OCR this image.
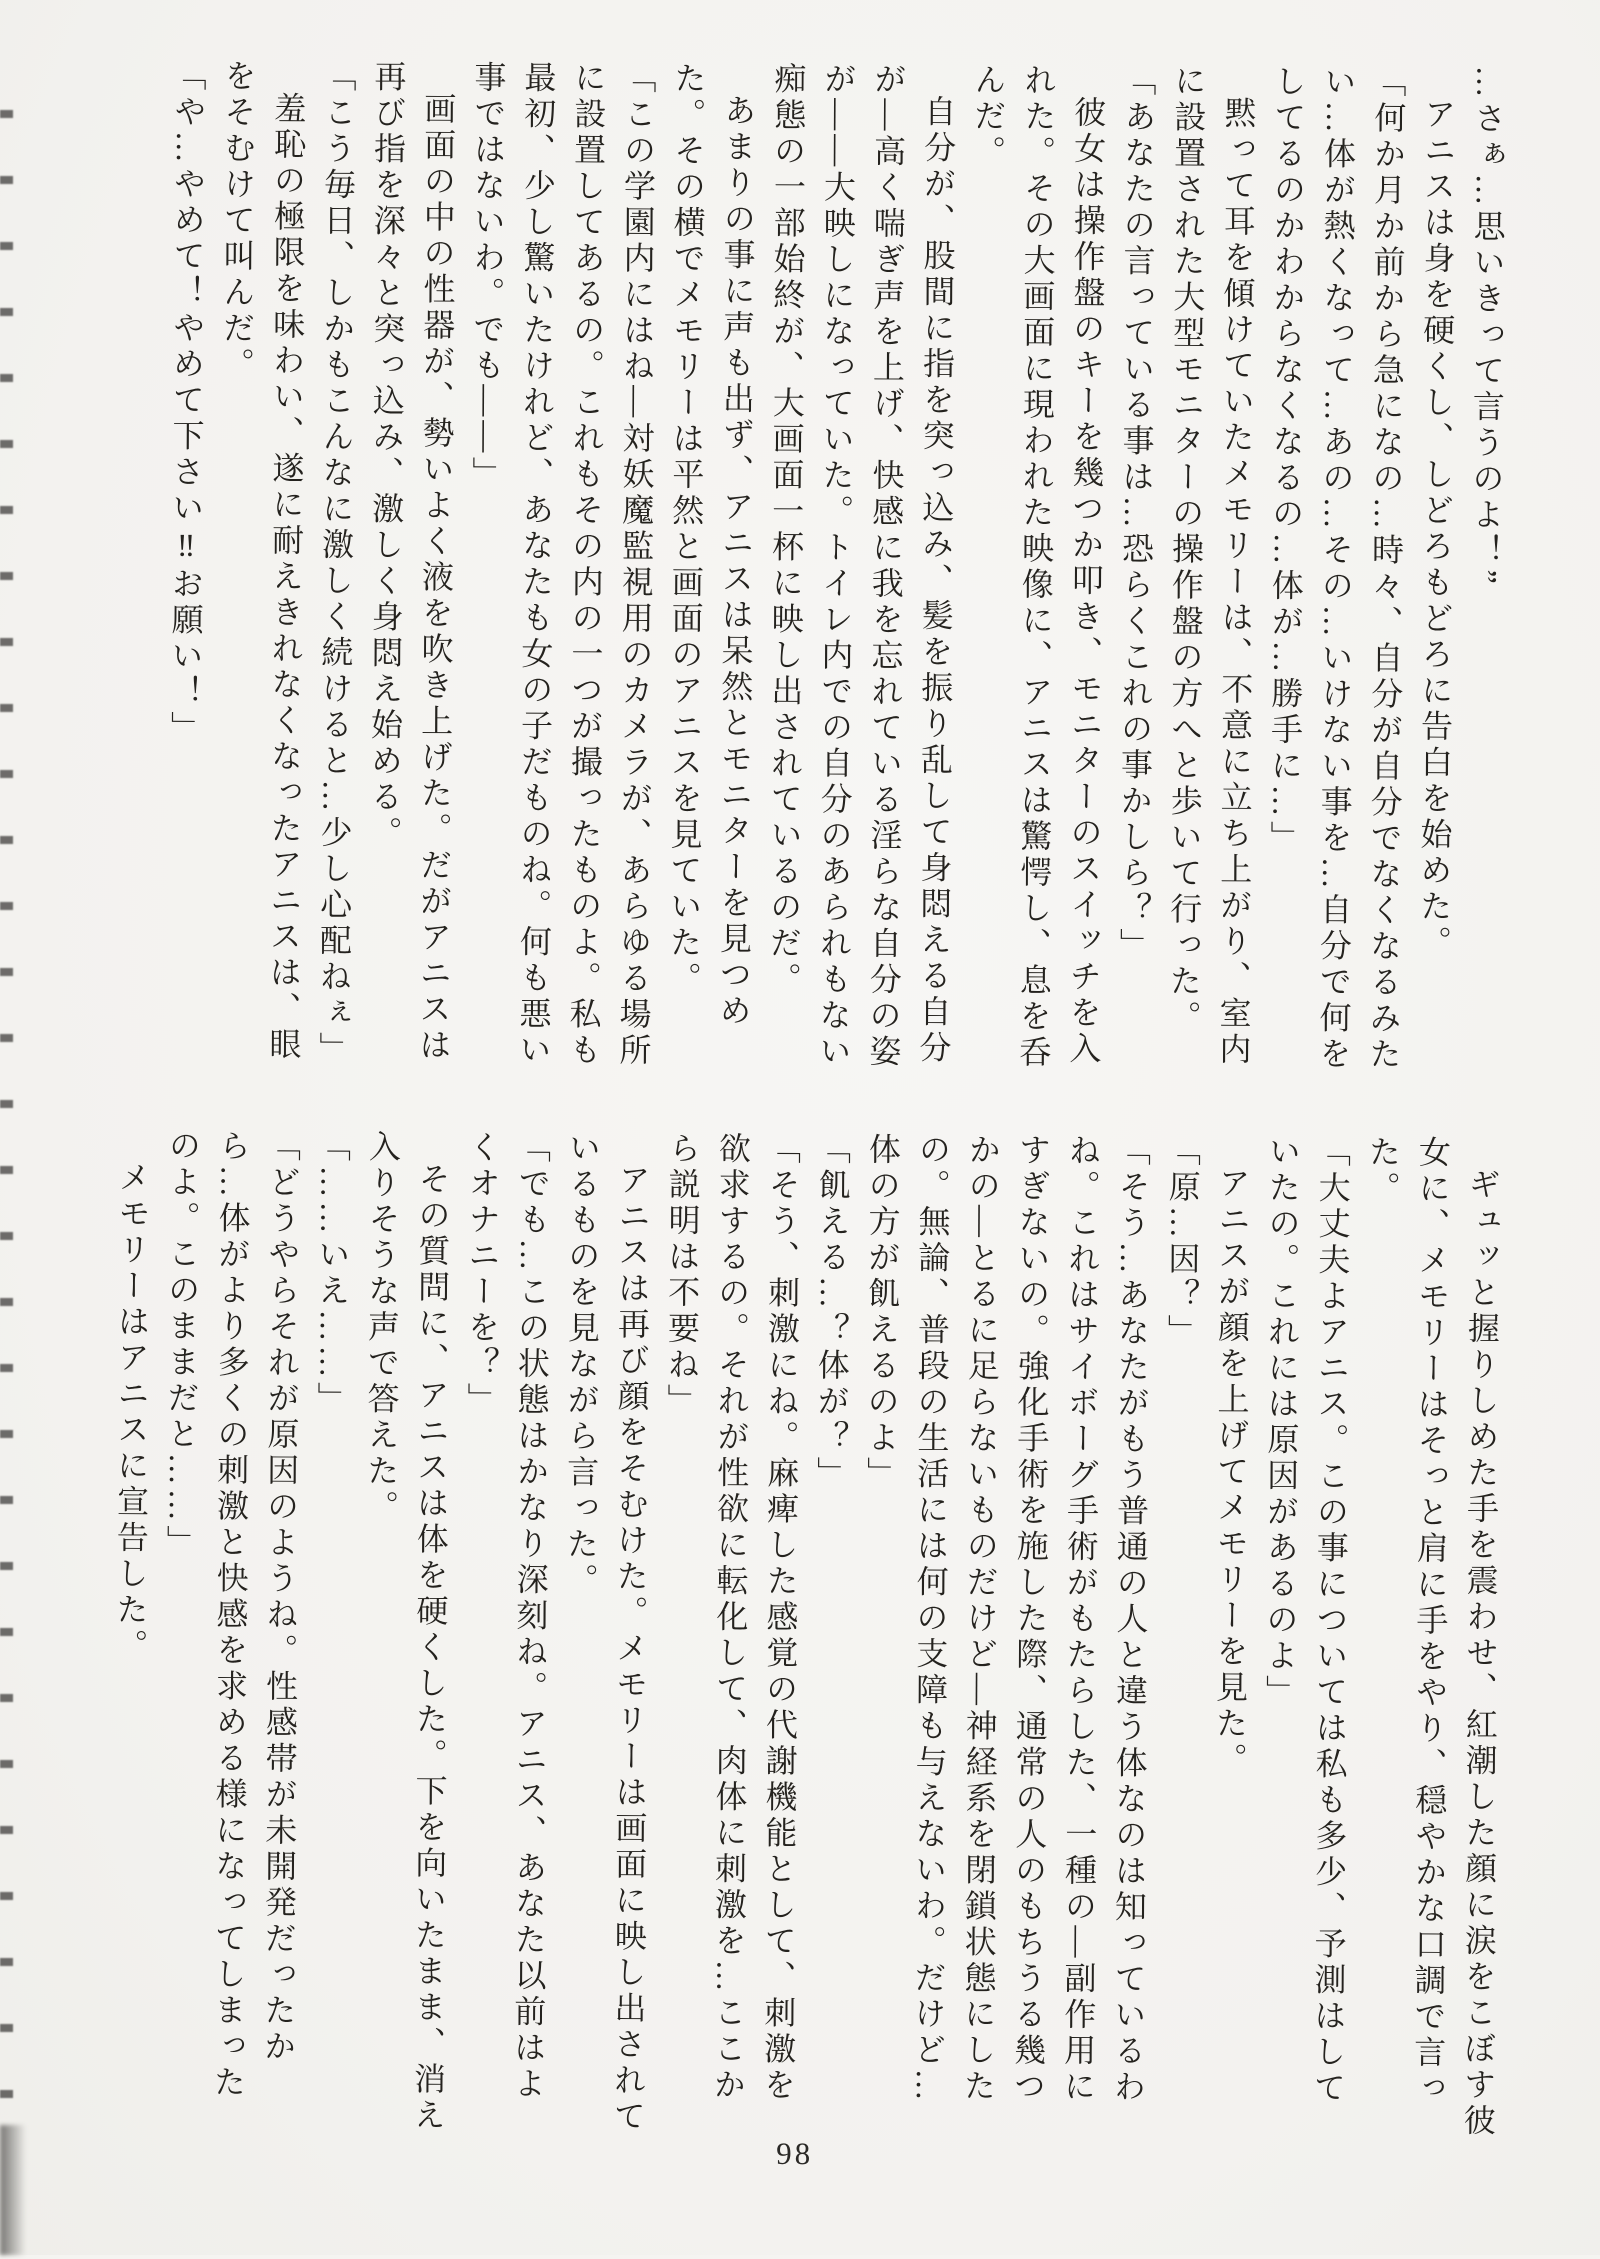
…さぁ…思いきって言うのよ！”

アニスは身を硬くし、しどろもどろに告白を始めた。

「何か月か前から急になの…時々、自分が自分でなくなるみたい…体が熱くなって…あの…その…いけない事を…自分で何をしてるのかわからなくなるの…体が…勝手に…」

黙って耳を傾けていたメモリーは、不意に立ち上がり、室内に設置された大型モニターの操作盤の方へと歩いて行った。

「あなたの言っている事は…恐らくこれの事かしら？」

彼女は操作盤のキーを幾つか叩き、モニターのスイッチを入れた。その大画面に現われた映像に、アニスは驚愕し、息を呑んだ。

自分が、股間に指を突っ込み、髪を振り乱して身悶える自分が—高く喘ぎ声を上げ、快感に我を忘れている淫らな自分の姿が——大映しになっていた。トイレ内での自分のあられもない痴態の一部始終が、大画面一杯に映し出されているのだ。

あまりの事に声も出ず、アニスは呆然とモニターを見つめた。その横でメモリーは平然と画面のアニスを見ていた。

「この学園内にはね—対妖魔監視用のカメラが、あらゆる場所に設置してあるの。これもその内の一つが撮ったものよ。私も最初、少し驚いたけれど、あなたも女の子だものね。何も悪い事ではないわ。でも——」

画面の中の性器が、勢いよく液を吹き上げた。だがアニスは再び指を深々と突っ込み、激しく身悶え始める。

「こう毎日、しかもこんなに激しく続けると…少し心配ねぇ」

羞恥の極限を味わい、遂に耐えきれなくなったアニスは、眼をそむけて叫んだ。

「や…やめて！やめて下さい‼お願い！」

ギュッと握りしめた手を震わせ、紅潮した顔に涙をこぼす彼女に、メモリーはそっと肩に手をやり、穏やかな口調で言った。

「大丈夫よアニス。この事については私も多少、予測はしていたの。これには原因があるのよ」

アニスが顔を上げてメモリーを見た。

「原…因？」

「そう…あなたがもう普通の人と違う体なのは知っているわね。これはサイボーグ手術がもたらした、一種の—副作用にすぎないの。強化手術を施した際、通常の人のもちうる幾つかの—とるに足らないものだけど—神経系を閉鎖状態にしたの。無論、普段の生活には何の支障も与えないわ。だけど…体の方が飢えるのよ」

「飢える…？体が？」

「そう、刺激にね。麻痺した感覚の代謝機能として、刺激を欲求するの。それが性欲に転化して、肉体に刺激を…ここから説明は不要ね」

アニスは再び顔をそむけた。メモリーは画面に映し出されているものを見ながら言った。

「でも…この状態はかなり深刻ね。アニス、あなた以前はよくオナニーを？」

その質問に、アニスは体を硬くした。下を向いたまま、消え入りそうな声で答えた。

「……いえ……」

「どうやらそれが原因のようね。性感帯が未開発だったから…体がより多くの刺激と快感を求める様になってしまったのよ。このままだと……」

メモリーはアニスに宣告した。

98
